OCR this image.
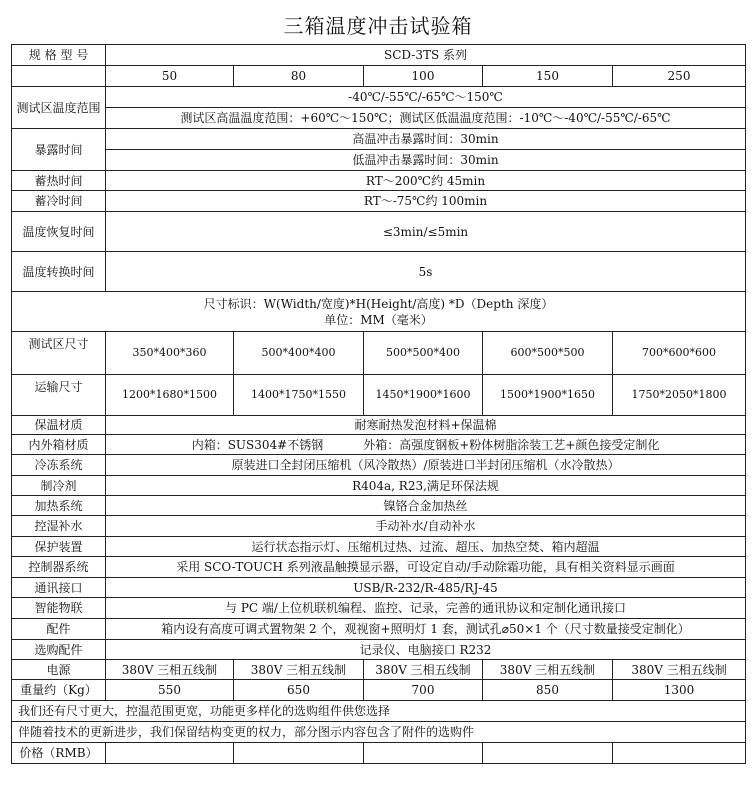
三箱温度冲击试验箱
规 格 型 号	SCD-3TS 系列				
	50	80	100	150	250
测试区温度范围	-40℃/-55℃/-65℃～150℃				
	测试区高温温度范围：+60℃～150℃；测试区低温温度范围：-10℃～-40℃/-55℃/-65℃				
暴露时间	高温冲击暴露时间：30min				
	低温冲击暴露时间：30min				
蓄热时间	RT～200℃约 45min				
蓄冷时间	RT～-75℃约 100min				
温度恢复时间	≤3min/≤5min				
温度转换时间	5s				

尺寸标识：W(Width/宽度)*H(Height/高度) *D（Depth 深度）
单位：MM（毫米）					

测试区尺寸	350*400*360	500*400*400	500*500*400	600*500*500	700*600*600
运输尺寸	1200*1680*1500	1400*1750*1550	1450*1900*1600	1500*1900*1650	1750*2050*1800
保温材质	耐寒耐热发泡材料+保温棉				
内外箱材质	内箱：SUS304#不锈钢 外箱：高强度钢板+粉体树脂涂装工艺+颜色接受定制化				
冷冻系统	原装进口全封闭压缩机（风冷散热）/原装进口半封闭压缩机（水冷散热）				
制冷剂	R404a, R23,满足环保法规				
加热系统	镍铬合金加热丝				
控湿补水	手动补水/自动补水				
保护装置	运行状态指示灯、压缩机过热、过流、超压、加热空焚、箱内超温				
控制器系统	采用 SCO-TOUCH 系列液晶触摸显示器，可设定自动/手动除霜功能，具有相关资料显示画面				
通讯接口	USB/R-232/R-485/RJ-45				
智能物联	与 PC 端/上位机联机编程、监控、记录，完善的通讯协议和定制化通讯接口				
配件	箱内设有高度可调式置物架 2 个，观视窗+照明灯 1 套，测试孔⌀50×1 个（尺寸数量接受定制化）				
选购配件	记录仪、电脑接口 R232				
电源	380V 三相五线制	380V 三相五线制	380V 三相五线制	380V 三相五线制	380V 三相五线制
重量约（Kg）	550	650	700	850	1300
我们还有尺寸更大，控温范围更宽，功能更多样化的选购组件供您选择					
伴随着技术的更新进步，我们保留结构变更的权力，部分图示内容包含了附件的选购件					
价格（RMB）					
